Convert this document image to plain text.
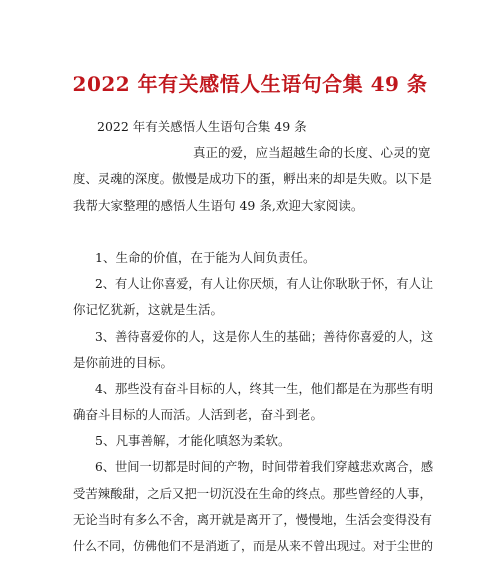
2022 年有关感悟人生语句合集 49 条
2022 年有关感悟人生语句合集 49 条
真正的爱，应当超越生命的长度、心灵的宽
度、灵魂的深度。傲慢是成功下的蛋，孵出来的却是失败。以下是
我帮大家整理的感悟人生语句 49 条,欢迎大家阅读。
1、生命的价值，在于能为人间负责任。
2、有人让你喜爱，有人让你厌烦，有人让你耿耿于怀，有人让
你记忆犹新，这就是生活。
3、善待喜爱你的人，这是你人生的基础；善待你喜爱的人，这
是你前进的目标。
4、那些没有奋斗目标的人，终其一生，他们都是在为那些有明
确奋斗目标的人而活。人活到老，奋斗到老。
5、凡事善解，才能化嗔怒为柔软。
6、世间一切都是时间的产物，时间带着我们穿越悲欢离合，感
受苦辣酸甜，之后又把一切沉没在生命的终点。那些曾经的人事，
无论当时有多么不舍，离开就是离开了，慢慢地，生活会变得没有
什么不同，仿佛他们不是消逝了，而是从来不曾出现过。对于尘世的
